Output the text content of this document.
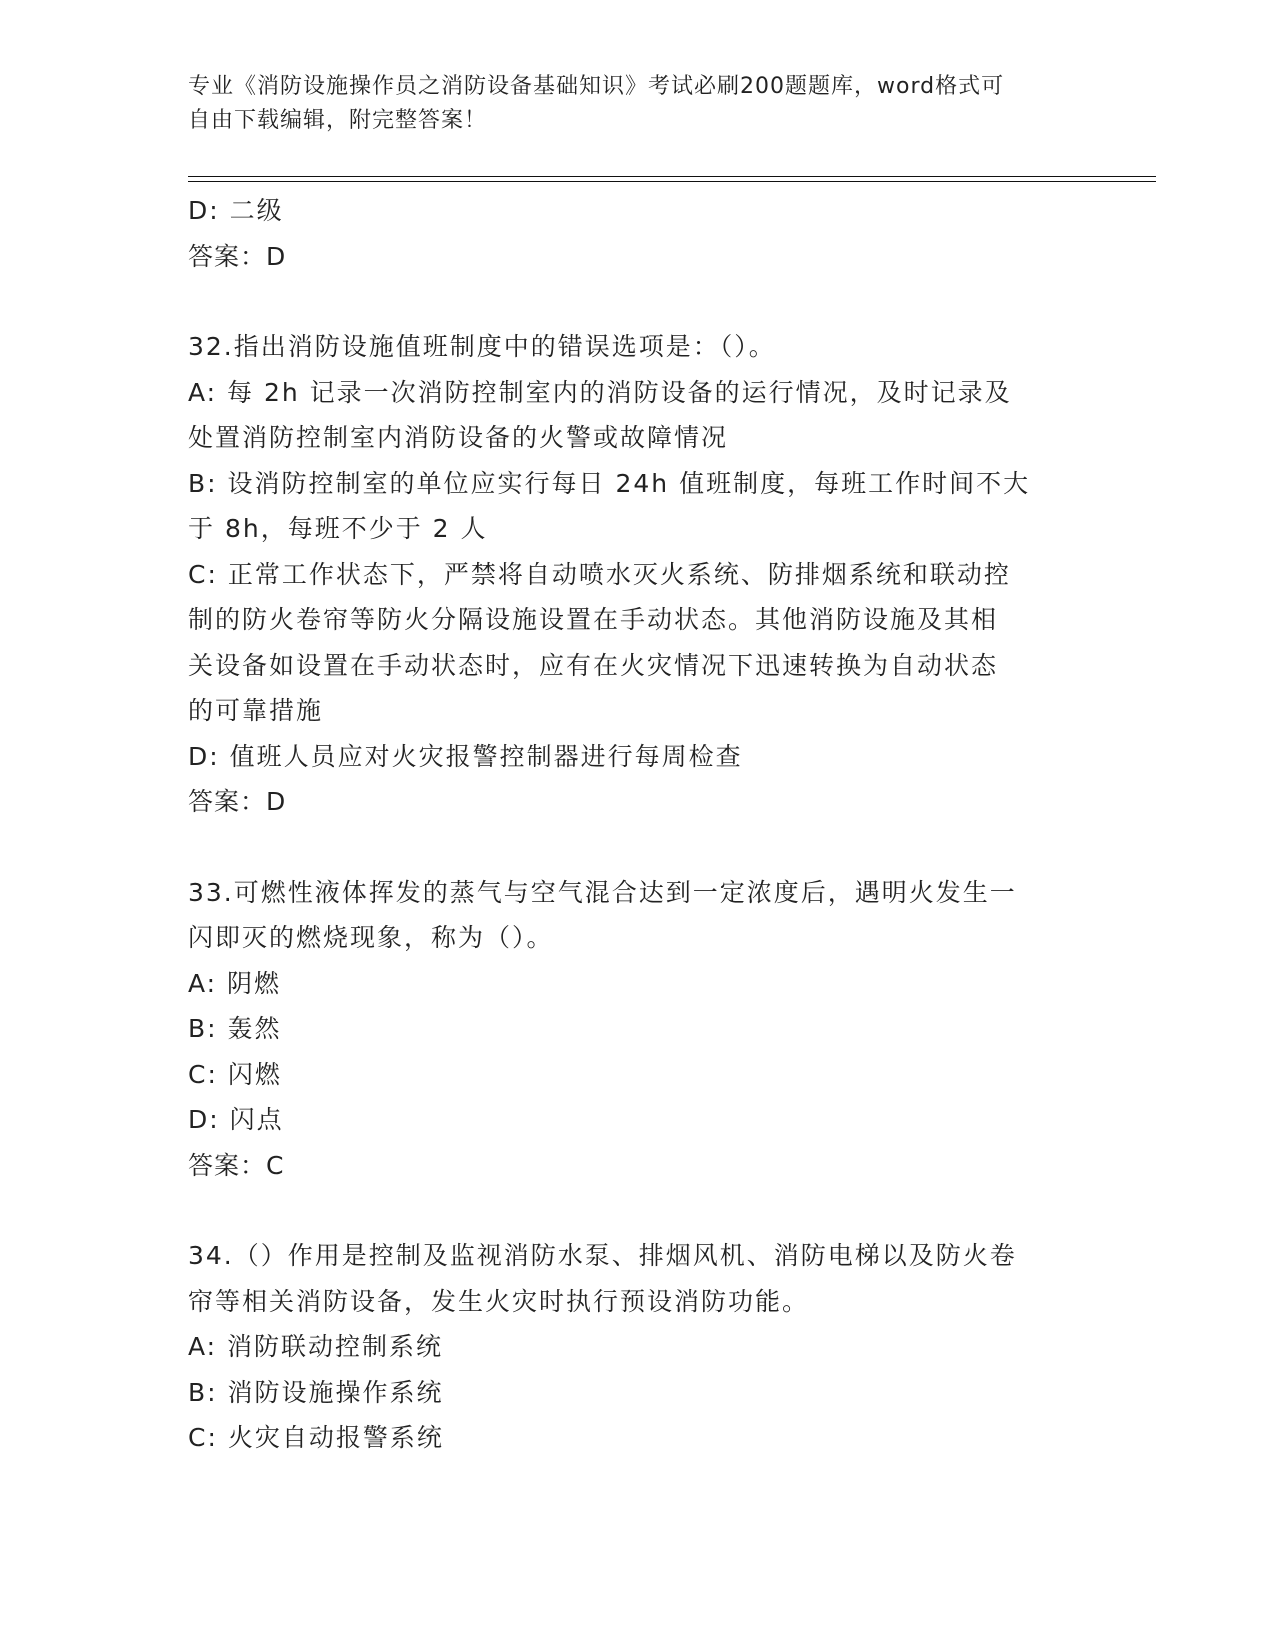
专业《消防设施操作员之消防设备基础知识》考试必刷200题题库，word格式可
自由下载编辑，附完整答案！
D: 二级
答案：D
32.指出消防设施值班制度中的错误选项是：（）。
A: 每 2h 记录一次消防控制室内的消防设备的运行情况，及时记录及
处置消防控制室内消防设备的火警或故障情况
B: 设消防控制室的单位应实行每日 24h 值班制度，每班工作时间不大
于 8h，每班不少于 2 人
C: 正常工作状态下，严禁将自动喷水灭火系统、防排烟系统和联动控
制的防火卷帘等防火分隔设施设置在手动状态。其他消防设施及其相
关设备如设置在手动状态时，应有在火灾情况下迅速转换为自动状态
的可靠措施
D: 值班人员应对火灾报警控制器进行每周检查
答案：D
33.可燃性液体挥发的蒸气与空气混合达到一定浓度后，遇明火发生一
闪即灭的燃烧现象，称为（）。
A: 阴燃
B: 轰然
C: 闪燃
D: 闪点
答案：C
34.（）作用是控制及监视消防水泵、排烟风机、消防电梯以及防火卷
帘等相关消防设备，发生火灾时执行预设消防功能。
A: 消防联动控制系统
B: 消防设施操作系统
C: 火灾自动报警系统
